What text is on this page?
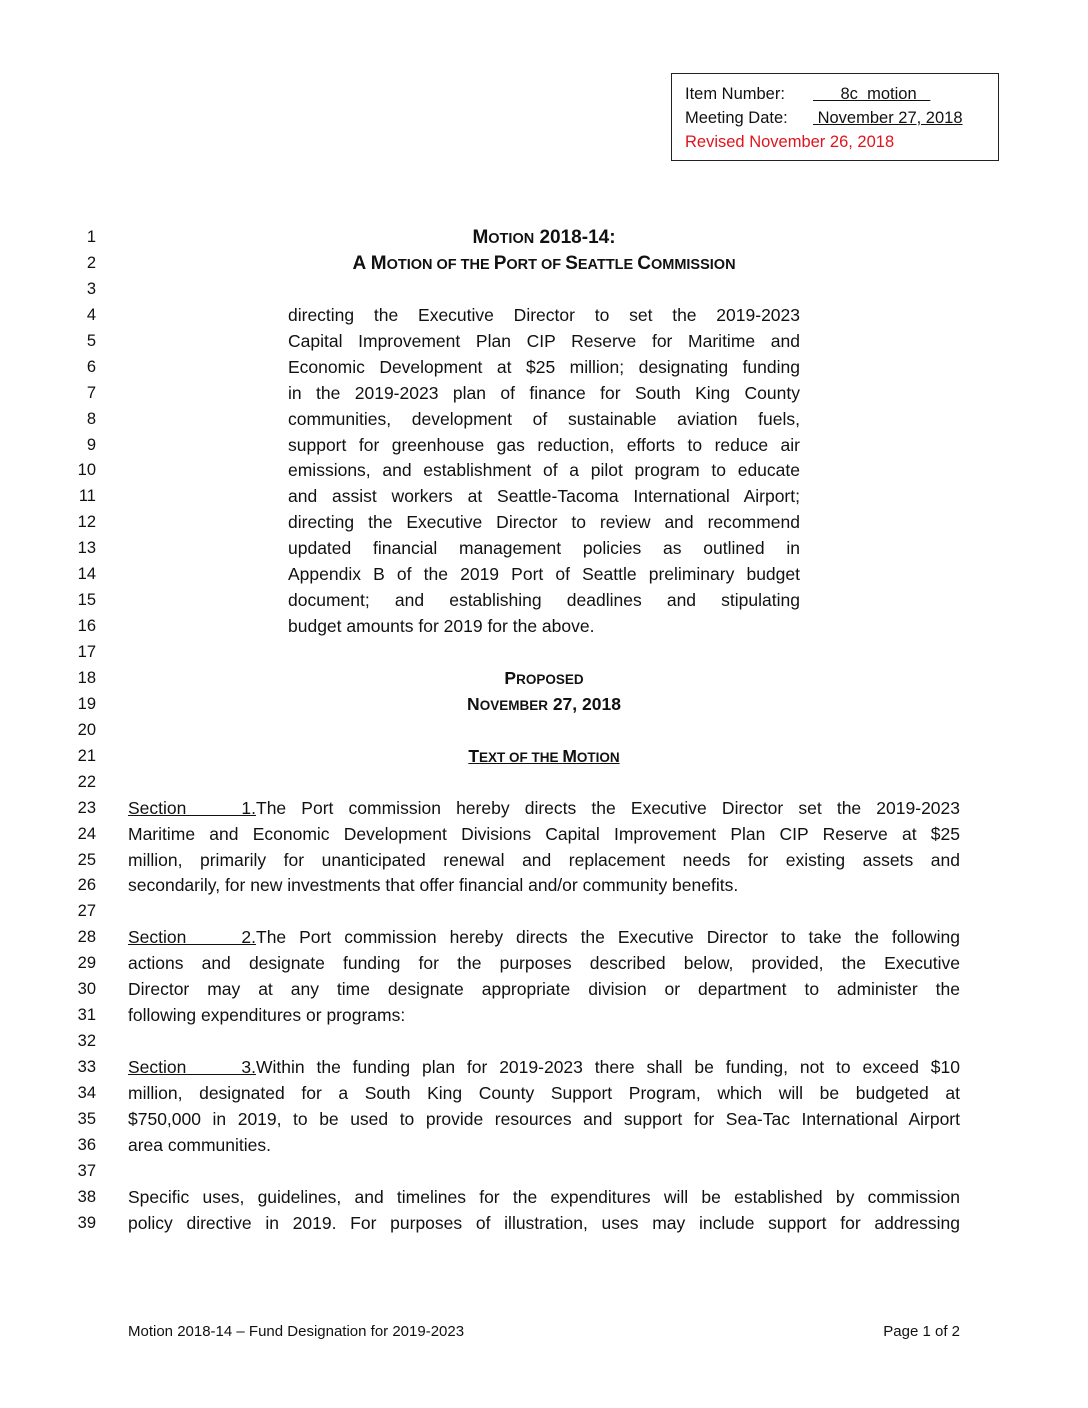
Item Number:      8c  motion
Meeting Date: November 27, 2018
Revised November 26, 2018
1	MOTION 2018-14:
2	A MOTION OF THE PORT OF SEATTLE COMMISSION
3
4	directing the Executive Director to set the 2019-2023
5	Capital Improvement Plan CIP Reserve for Maritime and
6	Economic Development at $25 million; designating funding
7	in the 2019-2023 plan of finance for South King County
8	communities, development of sustainable aviation fuels,
9	support for greenhouse gas reduction, efforts to reduce air
10	emissions, and establishment of a pilot program to educate
11	and assist workers at Seattle-Tacoma International Airport;
12	directing the Executive Director to review and recommend
13	updated financial management policies as outlined in
14	Appendix B of the 2019 Port of Seattle preliminary budget
15	document; and establishing deadlines and stipulating
16	budget amounts for 2019 for the above.
17
18	PROPOSED
19	NOVEMBER 27, 2018
20
21	TEXT OF THE MOTION
22
23 Section 1.The Port commission hereby directs the Executive Director set the 2019-2023
24 Maritime and Economic Development Divisions Capital Improvement Plan CIP Reserve at $25
25 million, primarily for unanticipated renewal and replacement needs for existing assets and
26 secondarily, for new investments that offer financial and/or community benefits.
27
28 Section 2.The Port commission hereby directs the Executive Director to take the following
29 actions and designate funding for the purposes described below, provided, the Executive
30 Director may at any time designate appropriate division or department to administer the
31 following expenditures or programs:
32
33 Section 3.Within the funding plan for 2019-2023 there shall be funding, not to exceed $10
34 million, designated for a South King County Support Program, which will be budgeted at
35 $750,000 in 2019, to be used to provide resources and support for Sea-Tac International Airport
36 area communities.
37
38 Specific uses, guidelines, and timelines for the expenditures will be established by commission
39 policy directive in 2019. For purposes of illustration, uses may include support for addressing
Motion 2018-14 – Fund Designation for 2019-2023	Page 1 of 2
